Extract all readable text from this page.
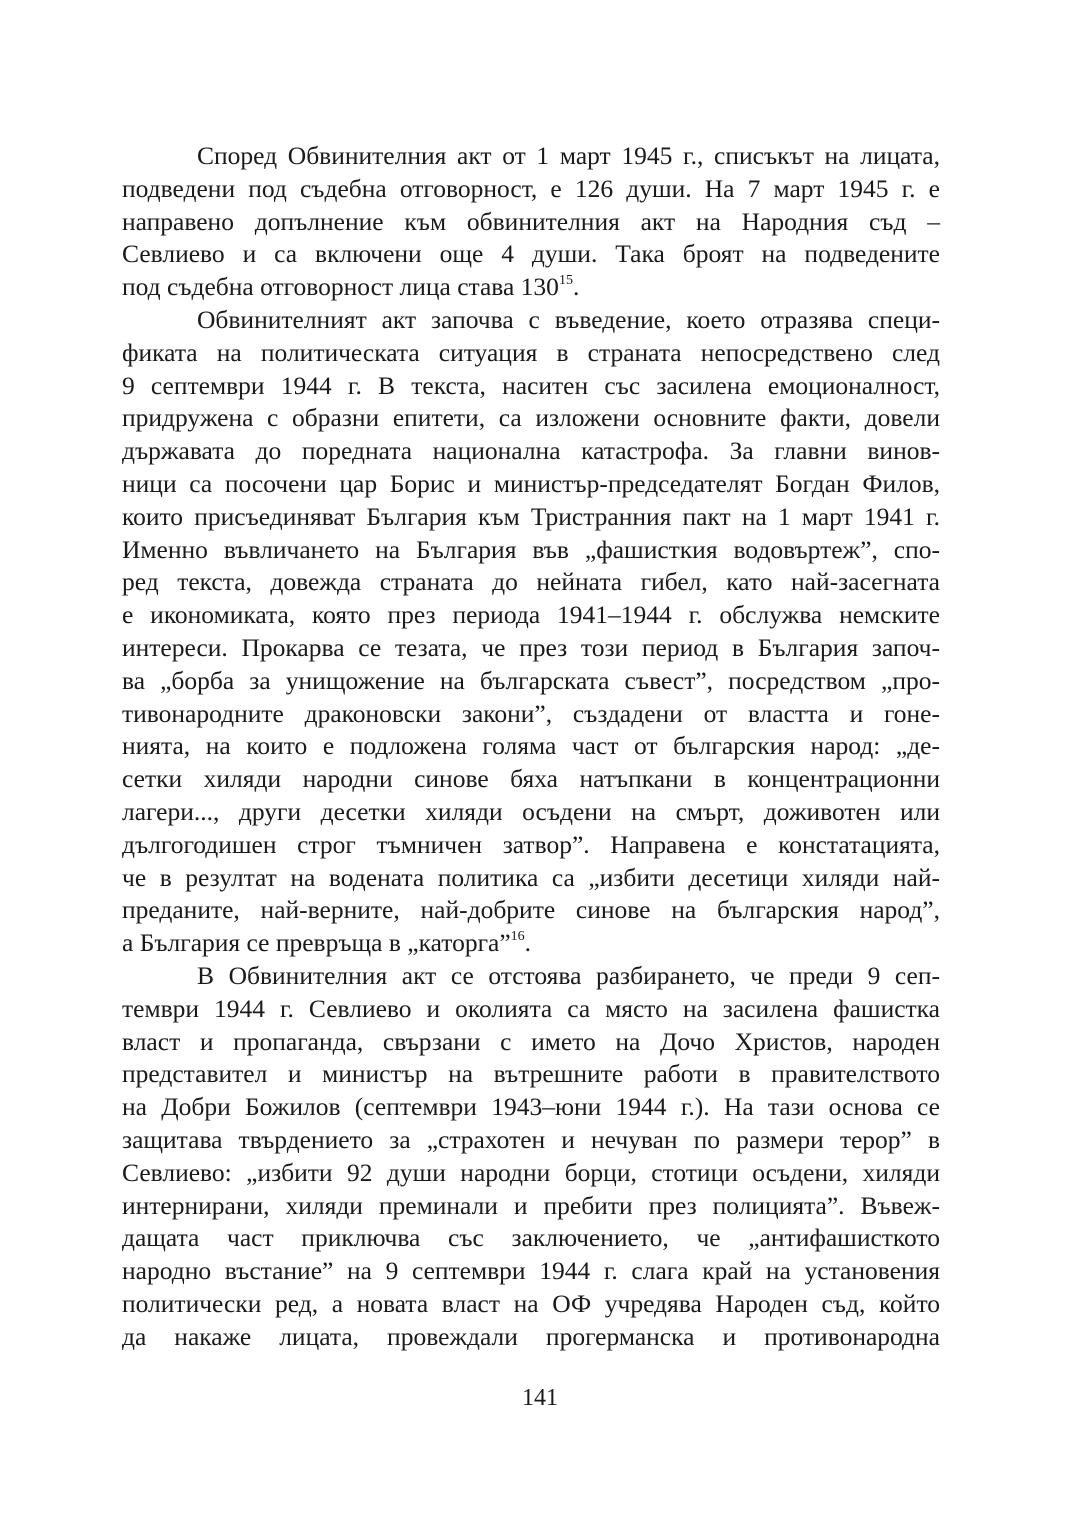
Според Обвинителния акт от 1 март 1945 г., списъкът на лицата,
подведени под съдебна отговорност, е 126 души. На 7 март 1945 г. е
направено допълнение към обвинителния акт на Народния съд –
Севлиево и са включени още 4 души. Така броят на подведените
под съдебна отговорност лица става $130^{15}$.
Обвинителният акт започва с въведение, което отразява специ-
фиката на политическата ситуация в страната непосредствено след
9 септември 1944 г. В текста, наситен със засилена емоционалност,
придружена с образни епитети, са изложени основните факти, довели
държавата до поредната национална катастрофа. За главни винов-
ници са посочени цар Борис и министър-председателят Богдан Филов,
които присъединяват България към Тристранния пакт на 1 март 1941 г.
Именно въвличането на България във „фашисткия водовъртеж”, спо-
ред текста, довежда страната до нейната гибел, като най-засегната
е икономиката, която през периода 1941–1944 г. обслужва немските
интереси. Прокарва се тезата, че през този период в България започ-
ва „борба за унищожение на българската съвест”, посредством „про-
тивонародните драконовски закони”, създадени от властта и гоне-
нията, на които е подложена голяма част от българския народ: „де-
сетки хиляди народни синове бяха натъпкани в концентрационни
лагери..., други десетки хиляди осъдени на смърт, доживотен или
дългогодишен строг тъмничен затвор”. Направена е констатацията,
че в резултат на водената политика са „избити десетици хиляди най-
преданите, най-верните, най-добрите синове на българския народ”,
а България се превръща в „каторга”$^{16}$.
В Обвинителния акт се отстоява разбирането, че преди 9 сеп-
тември 1944 г. Севлиево и околията са място на засилена фашистка
власт и пропаганда, свързани с името на Дочо Христов, народен
представител и министър на вътрешните работи в правителството
на Добри Божилов (септември 1943–юни 1944 г.). На тази основа се
защитава твърдението за „страхотен и нечуван по размери терор” в
Севлиево: „избити 92 души народни борци, стотици осъдени, хиляди
интернирани, хиляди преминали и пребити през полицията”. Въвеж-
дащата част приключва със заключението, че „антифашисткото
народно въстание” на 9 септември 1944 г. слага край на установения
политически ред, а новата власт на ОФ учредява Народен съд, който
да накаже лицата, провеждали прогерманска и противонародна
141
